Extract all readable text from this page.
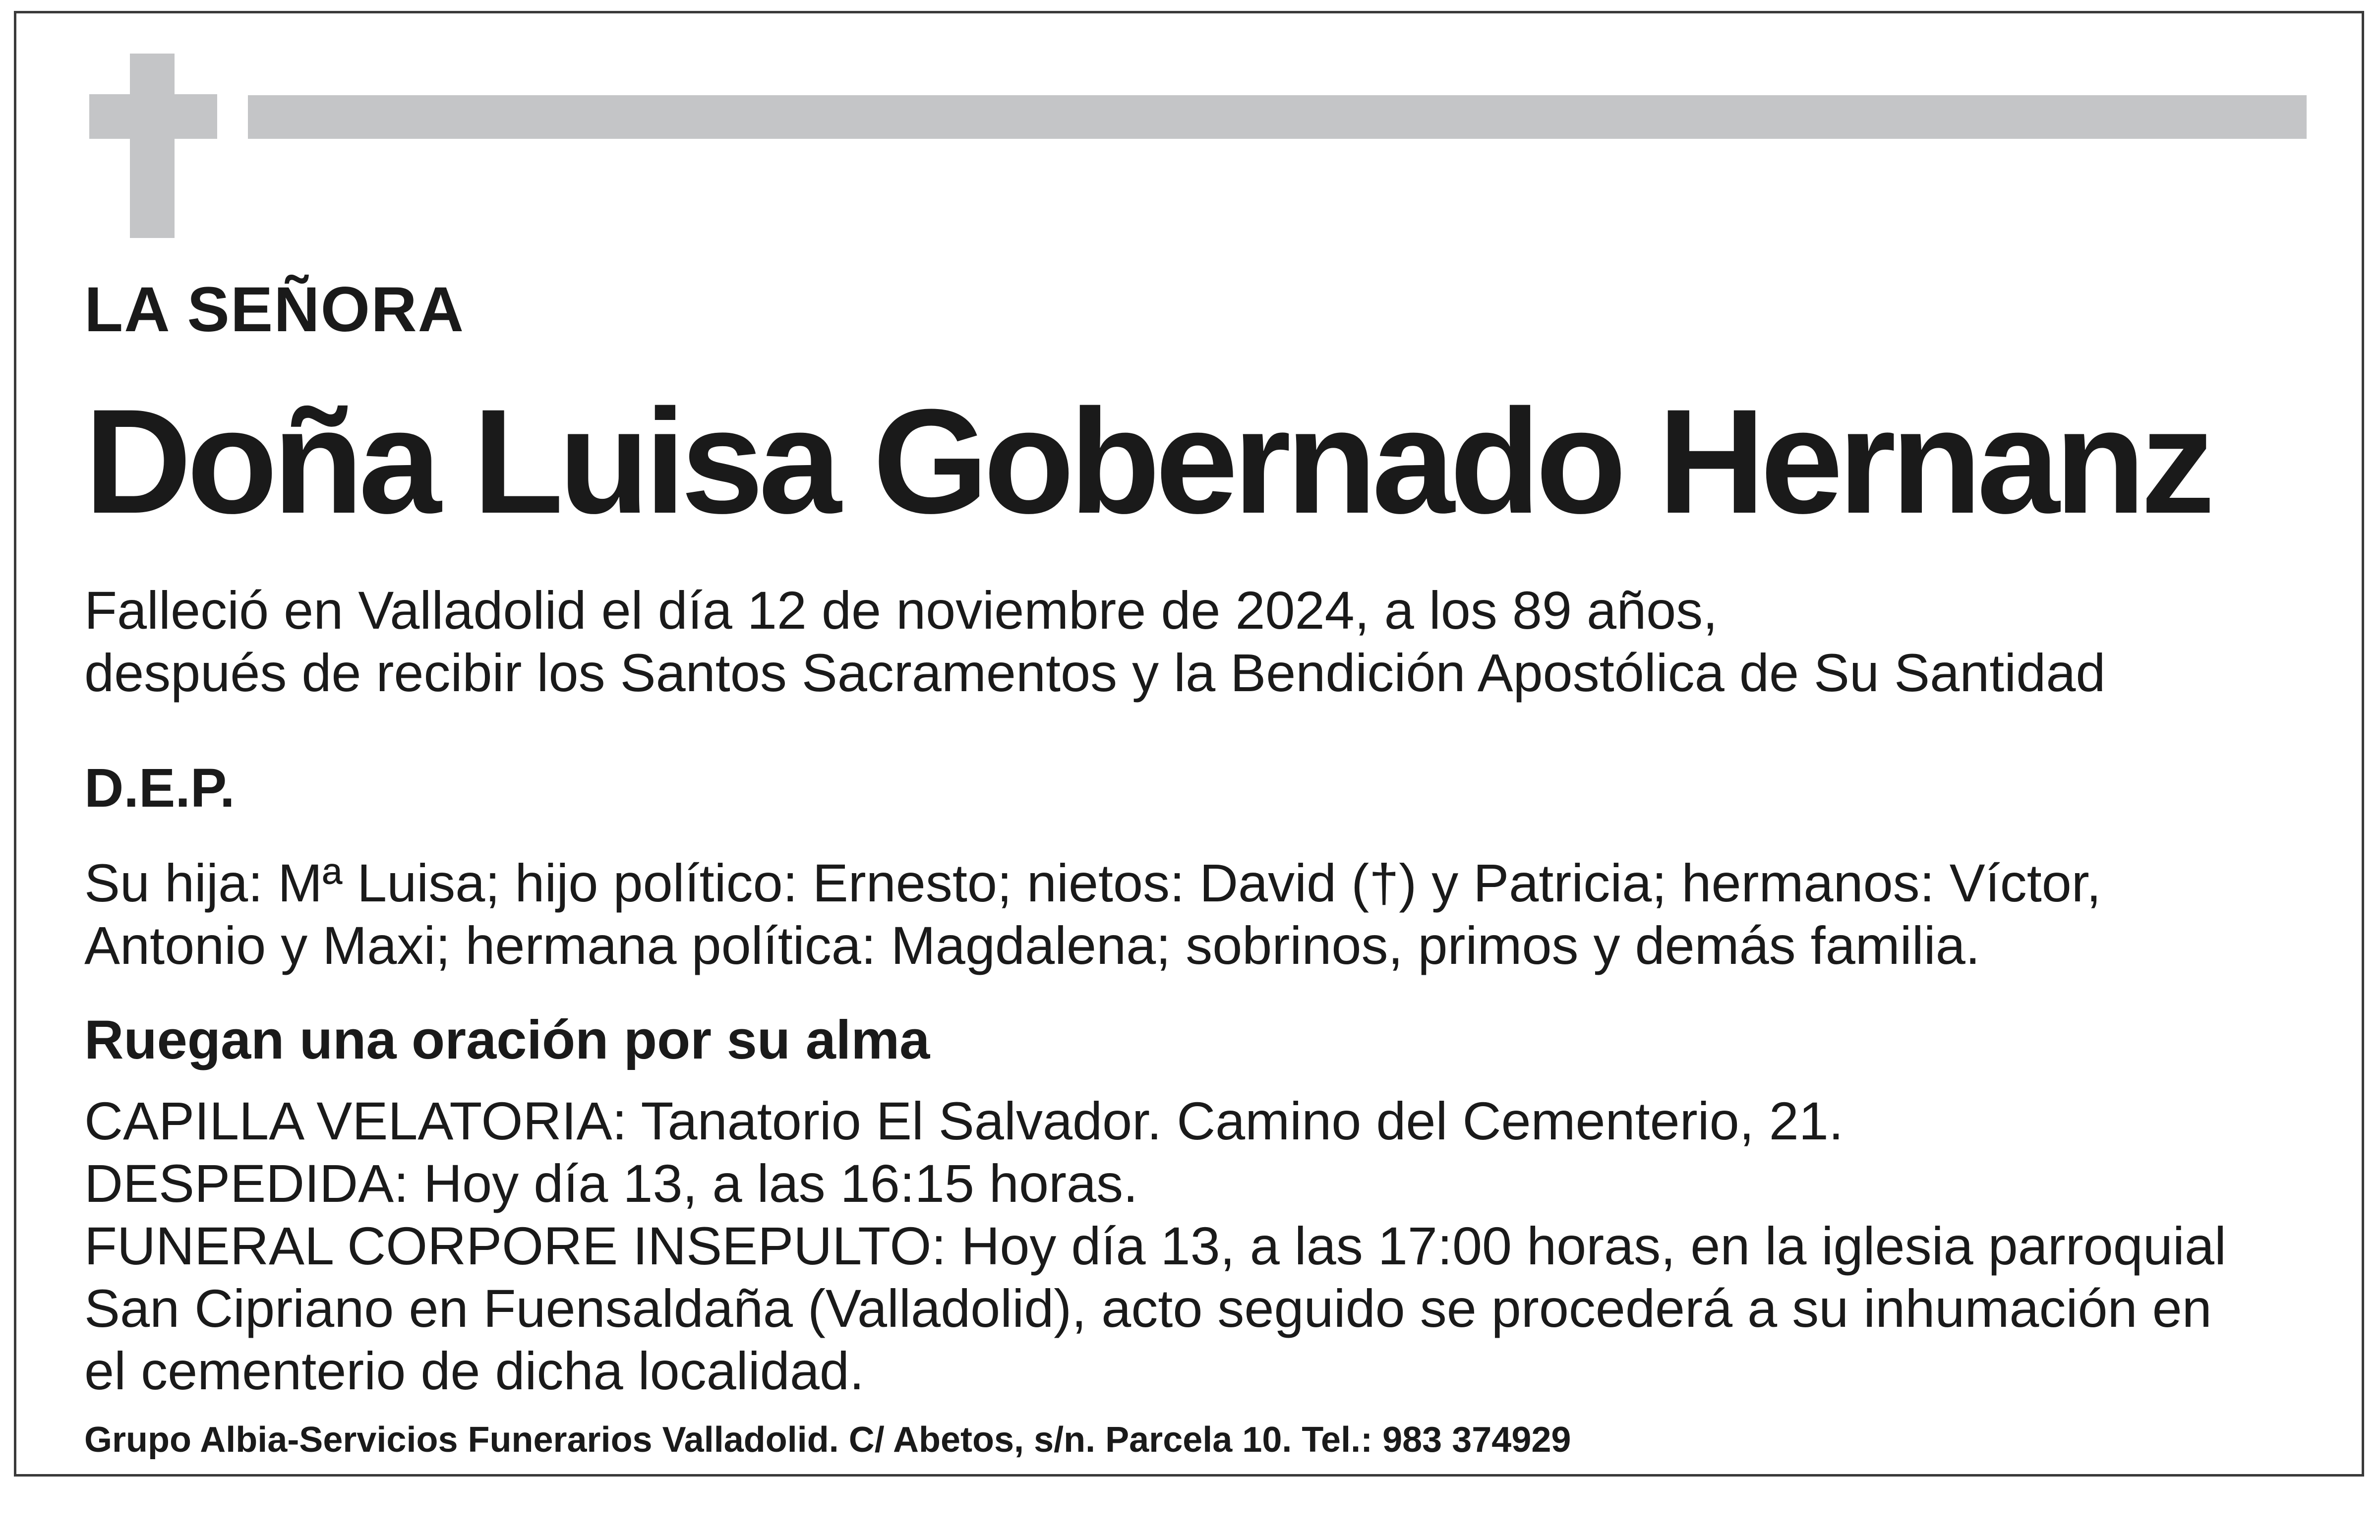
LA SEÑORA
Doña Luisa Gobernado Hernanz
Falleció en Valladolid el día 12 de noviembre de 2024, a los 89 años,
después de recibir los Santos Sacramentos y la Bendición Apostólica de Su Santidad
D.E.P.
Su hija: Mª Luisa; hijo político: Ernesto; nietos: David (†) y Patricia; hermanos: Víctor,
Antonio y Maxi; hermana política: Magdalena; sobrinos, primos y demás familia.
Ruegan una oración por su alma
CAPILLA VELATORIA: Tanatorio El Salvador. Camino del Cementerio, 21.
DESPEDIDA: Hoy día 13, a las 16:15 horas.
FUNERAL CORPORE INSEPULTO: Hoy día 13, a las 17:00 horas, en la iglesia parroquial
San Cipriano en Fuensaldaña (Valladolid), acto seguido se procederá a su inhumación en
el cementerio de dicha localidad.
Grupo Albia-Servicios Funerarios Valladolid. C/ Abetos, s/n. Parcela 10. Tel.: 983 374929
